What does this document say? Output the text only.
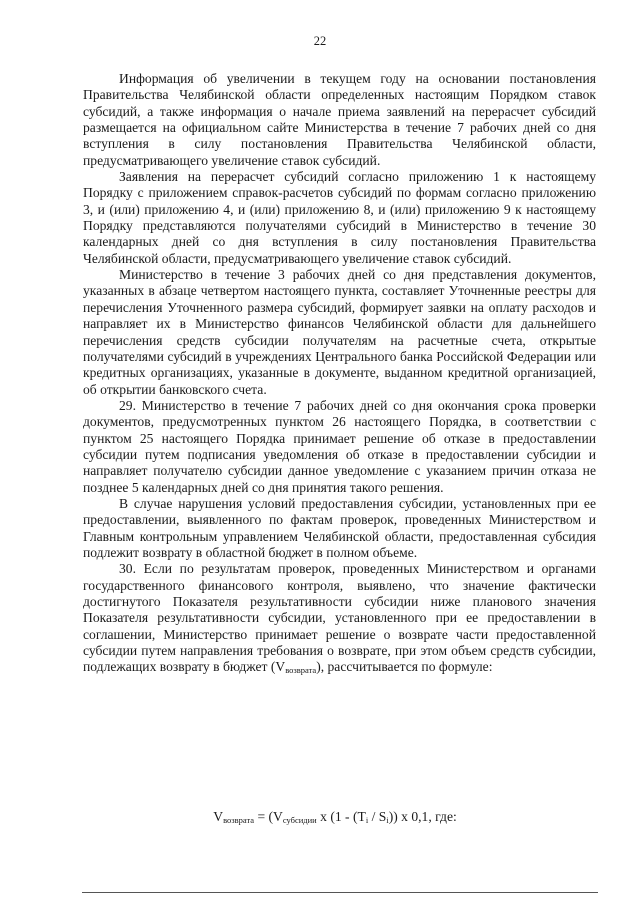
22

Информация об увеличении в текущем году на основании постановления Правительства Челябинской области определенных настоящим Порядком ставок субсидий, а также информация о начале приема заявлений на перерасчет субсидий размещается на официальном сайте Министерства в течение 7 рабочих дней со дня вступления в силу постановления Правительства Челябинской области, предусматривающего увеличение ставок субсидий.

Заявления на перерасчет субсидий согласно приложению 1 к настоящему Порядку с приложением справок-расчетов субсидий по формам согласно приложению 3, и (или) приложению 4, и (или) приложению 8, и (или) приложению 9 к настоящему Порядку представляются получателями субсидий в Министерство в течение 30 календарных дней со дня вступления в силу постановления Правительства Челябинской области, предусматривающего увеличение ставок субсидий.

Министерство в течение 3 рабочих дней со дня представления документов, указанных в абзаце четвертом настоящего пункта, составляет Уточненные реестры для перечисления Уточненного размера субсидий, формирует заявки на оплату расходов и направляет их в Министерство финансов Челябинской области для дальнейшего перечисления средств субсидии получателям на расчетные счета, открытые получателями субсидий в учреждениях Центрального банка Российской Федерации или кредитных организациях, указанные в документе, выданном кредитной организацией, об открытии банковского счета.

29. Министерство в течение 7 рабочих дней со дня окончания срока проверки документов, предусмотренных пунктом 26 настоящего Порядка, в соответствии с пунктом 25 настоящего Порядка принимает решение об отказе в предоставлении субсидии путем подписания уведомления об отказе в предоставлении субсидии и направляет получателю субсидии данное уведомление с указанием причин отказа не позднее 5 календарных дней со дня принятия такого решения.

В случае нарушения условий предоставления субсидии, установленных при ее предоставлении, выявленного по фактам проверок, проведенных Министерством и Главным контрольным управлением Челябинской области, предоставленная субсидия подлежит возврату в областной бюджет в полном объеме.

30. Если по результатам проверок, проведенных Министерством и органами государственного финансового контроля, выявлено, что значение фактически достигнутого Показателя результативности субсидии ниже планового значения Показателя результативности субсидии, установленного при ее предоставлении в соглашении, Министерство принимает решение о возврате части предоставленной субсидии путем направления требования о возврате, при этом объем средств субсидии, подлежащих возврату в бюджет $(V_{возврата})$, рассчитывается по формуле:

$V_{возврата} = (V_{субсидии}$ x $(1 - (T_i / S_i))$ x 0,1, где:
